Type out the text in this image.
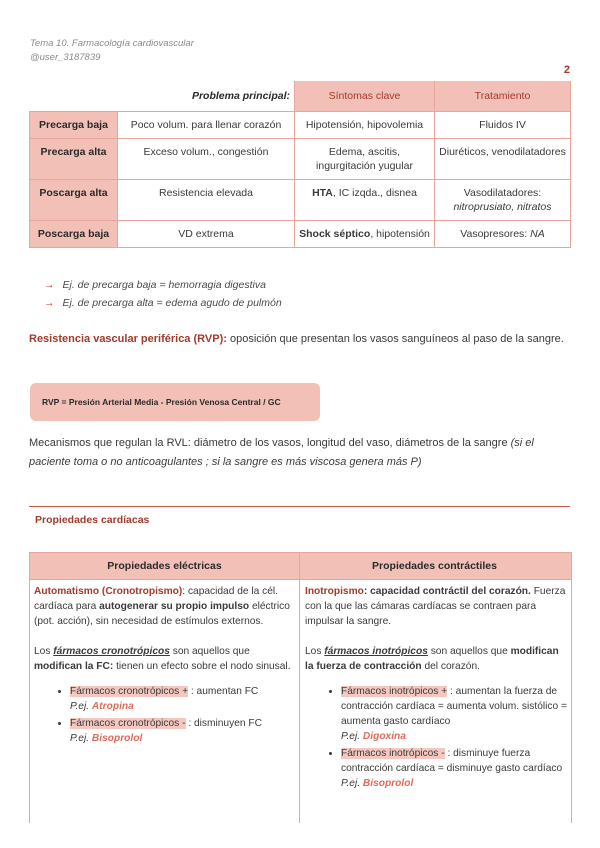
Tema 10. Farmacología cardiovascular
@user_3187839
2
Problema principal:		Síntomas clave	Tratamiento
Precarga baja	Poco volum. para llenar corazón	Hipotensión, hipovolemia	Fluidos IV
Precarga alta	Exceso volum., congestión	Edema, ascitis, ingurgitación yugular	Diuréticos, venodilatadores
Poscarga alta	Resistencia elevada	HTA, IC izqda., disnea	Vasodilatadores:
nitroprusiato, nitratos
Poscarga baja	VD extrema	Shock séptico, hipotensión	Vasopresores: NA
→ Ej. de precarga baja = hemorragia digestiva
→ Ej. de precarga alta = edema agudo de pulmón
Resistencia vascular periférica (RVP): oposición que presentan los vasos sanguíneos al paso de la sangre.
RVP = Presión Arterial Media - Presión Venosa Central / GC
Mecanismos que regulan la RVL: diámetro de los vasos, longitud del vaso, diámetros de la sangre (si el paciente toma o no anticoagulantes ; si la sangre es más viscosa genera más P)
Propiedades cardíacas
Propiedades eléctricas	Propiedades contráctiles

Automatismo (Cronotropismo): capacidad de la cél. cardíaca para autogenerar su propio impulso eléctrico (pot. acción), sin necesidad de estímulos externos.

Los fármacos cronotrópicos son aquellos que modifican la FC: tienen un efecto sobre el nodo sinusal.

• Fármacos cronotrópicos + : aumentan FC
P.ej. Atropina
• Fármacos cronotrópicos - : disminuyen FC
P.ej. Bisoprolol

Inotropismo: capacidad contráctil del corazón. Fuerza con la que las cámaras cardíacas se contraen para impulsar la sangre.

Los fármacos inotrópicos son aquellos que modifican la fuerza de contracción del corazón.

• Fármacos inotrópicos + : aumentan la fuerza de contracción cardíaca = aumenta volum. sistólico = aumenta gasto cardíaco
P.ej. Digoxina
• Fármacos inotrópicos - : disminuye fuerza contracción cardíaca = disminuye gasto cardíaco
P.ej. Bisoprolol
